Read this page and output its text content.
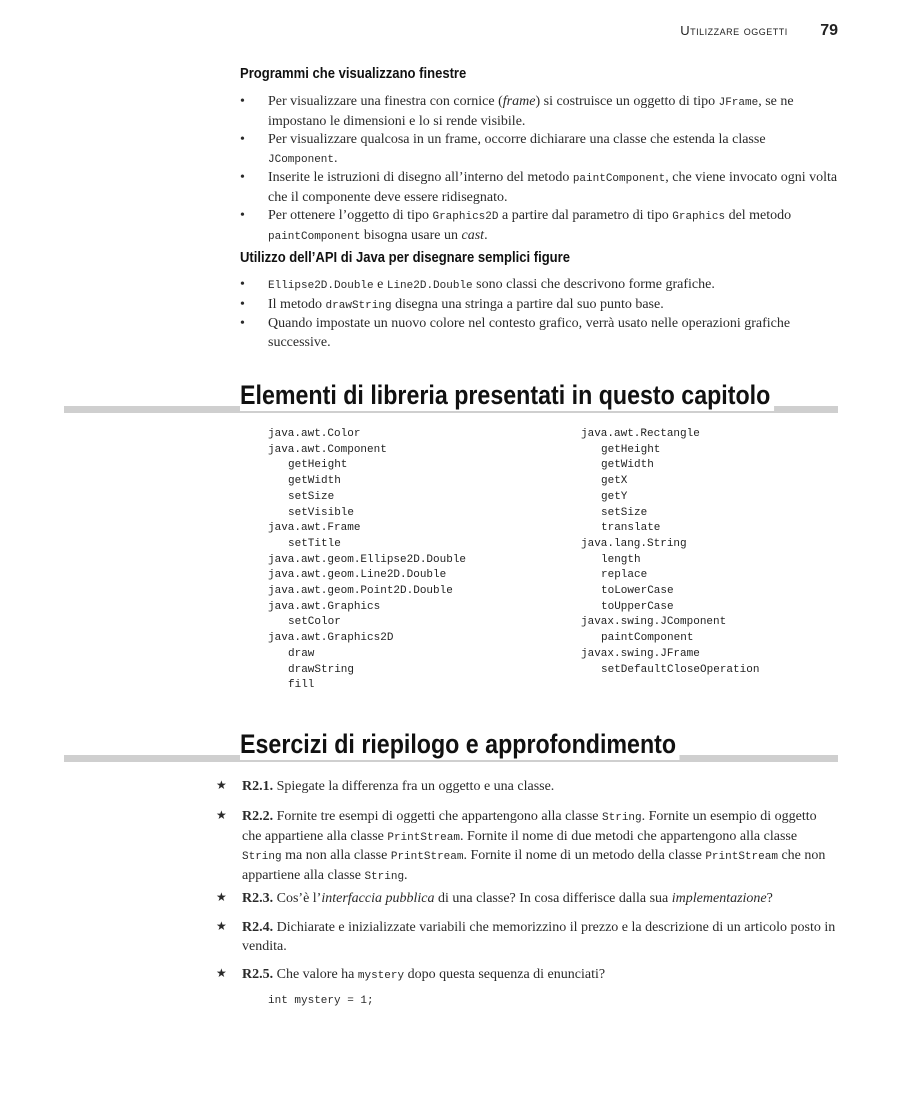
Utilizzare oggetti 79
Programmi che visualizzano finestre
• Per visualizzare una finestra con cornice (frame) si costruisce un oggetto di tipo JFrame, se ne impostano le dimensioni e lo si rende visibile.
• Per visualizzare qualcosa in un frame, occorre dichiarare una classe che estenda la classe JComponent.
• Inserite le istruzioni di disegno all’interno del metodo paintComponent, che viene invocato ogni volta che il componente deve essere ridisegnato.
• Per ottenere l’oggetto di tipo Graphics2D a partire dal parametro di tipo Graphics del metodo paintComponent bisogna usare un cast.
Utilizzo dell’API di Java per disegnare semplici figure
• Ellipse2D.Double e Line2D.Double sono classi che descrivono forme grafiche.
• Il metodo drawString disegna una stringa a partire dal suo punto base.
• Quando impostate un nuovo colore nel contesto grafico, verrà usato nelle operazioni grafiche successive.
Elementi di libreria presentati in questo capitolo
java.awt.Color
java.awt.Component
getHeight
getWidth
setSize
setVisible
java.awt.Frame
setTitle
java.awt.geom.Ellipse2D.Double
java.awt.geom.Line2D.Double
java.awt.geom.Point2D.Double
java.awt.Graphics
setColor
java.awt.Graphics2D
draw
drawString
fill
java.awt.Rectangle
getHeight
getWidth
getX
getY
setSize
translate
java.lang.String
length
replace
toLowerCase
toUpperCase
javax.swing.JComponent
paintComponent
javax.swing.JFrame
setDefaultCloseOperation
Esercizi di riepilogo e approfondimento
★ R2.1. Spiegate la differenza fra un oggetto e una classe.
★ R2.2. Fornite tre esempi di oggetti che appartengono alla classe String. Fornite un esempio di oggetto che appartiene alla classe PrintStream. Fornite il nome di due metodi che appartengono alla classe String ma non alla classe PrintStream. Fornite il nome di un metodo della classe PrintStream che non appartiene alla classe String.
★ R2.3. Cos’è l’interfaccia pubblica di una classe? In cosa differisce dalla sua implementazione?
★ R2.4. Dichiarate e inizializzate variabili che memorizzino il prezzo e la descrizione di un articolo posto in vendita.
★ R2.5. Che valore ha mystery dopo questa sequenza di enunciati?
int mystery = 1;
